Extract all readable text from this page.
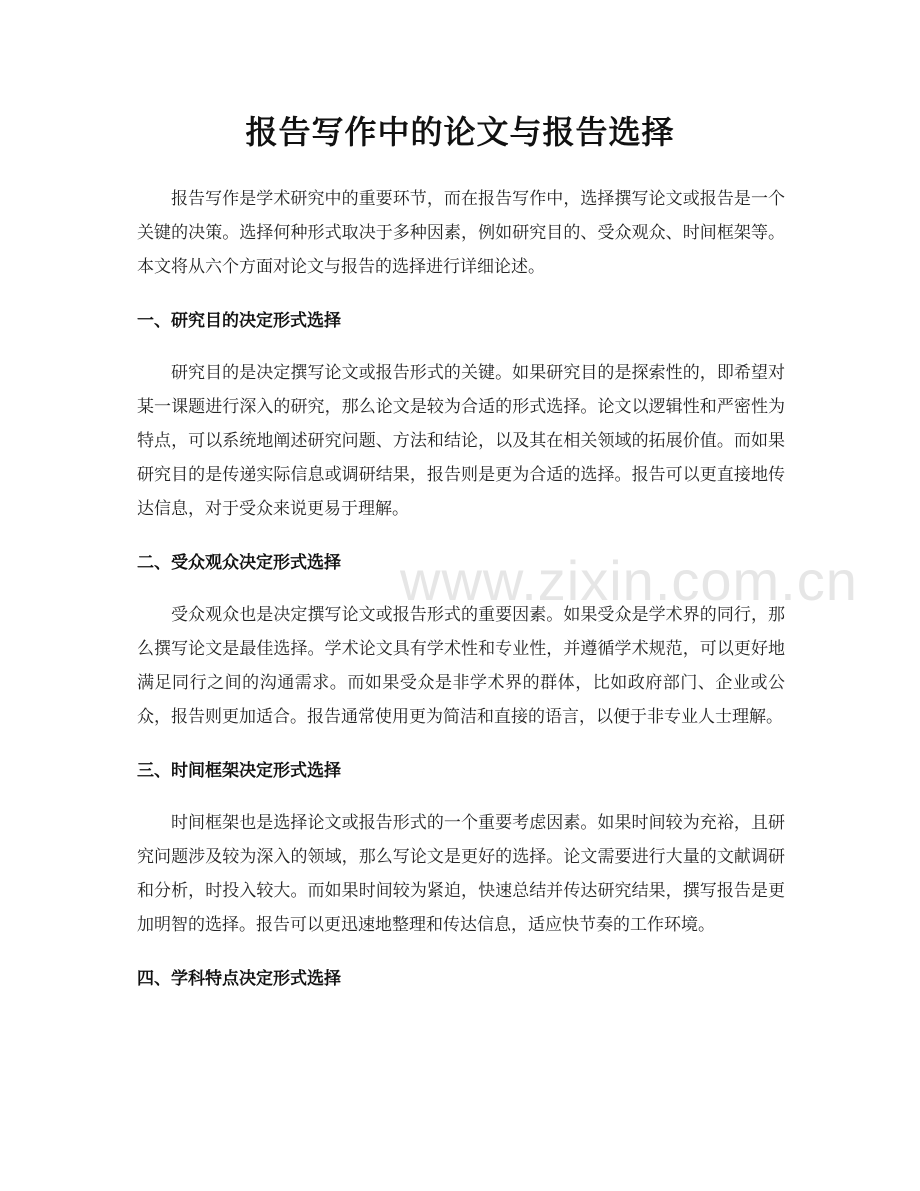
www.zixin.com.cn
报告写作中的论文与报告选择

报告写作是学术研究中的重要环节，而在报告写作中，选择撰写论文或报告是一个关键的决策。选择何种形式取决于多种因素，例如研究目的、受众观众、时间框架等。本文将从六个方面对论文与报告的选择进行详细论述。

一、研究目的决定形式选择

研究目的是决定撰写论文或报告形式的关键。如果研究目的是探索性的，即希望对某一课题进行深入的研究，那么论文是较为合适的形式选择。论文以逻辑性和严密性为特点，可以系统地阐述研究问题、方法和结论，以及其在相关领域的拓展价值。而如果研究目的是传递实际信息或调研结果，报告则是更为合适的选择。报告可以更直接地传达信息，对于受众来说更易于理解。

二、受众观众决定形式选择

受众观众也是决定撰写论文或报告形式的重要因素。如果受众是学术界的同行，那么撰写论文是最佳选择。学术论文具有学术性和专业性，并遵循学术规范，可以更好地满足同行之间的沟通需求。而如果受众是非学术界的群体，比如政府部门、企业或公众，报告则更加适合。报告通常使用更为简洁和直接的语言，以便于非专业人士理解。

三、时间框架决定形式选择

时间框架也是选择论文或报告形式的一个重要考虑因素。如果时间较为充裕，且研究问题涉及较为深入的领域，那么写论文是更好的选择。论文需要进行大量的文献调研和分析，时投入较大。而如果时间较为紧迫，快速总结并传达研究结果，撰写报告是更加明智的选择。报告可以更迅速地整理和传达信息，适应快节奏的工作环境。

四、学科特点决定形式选择
